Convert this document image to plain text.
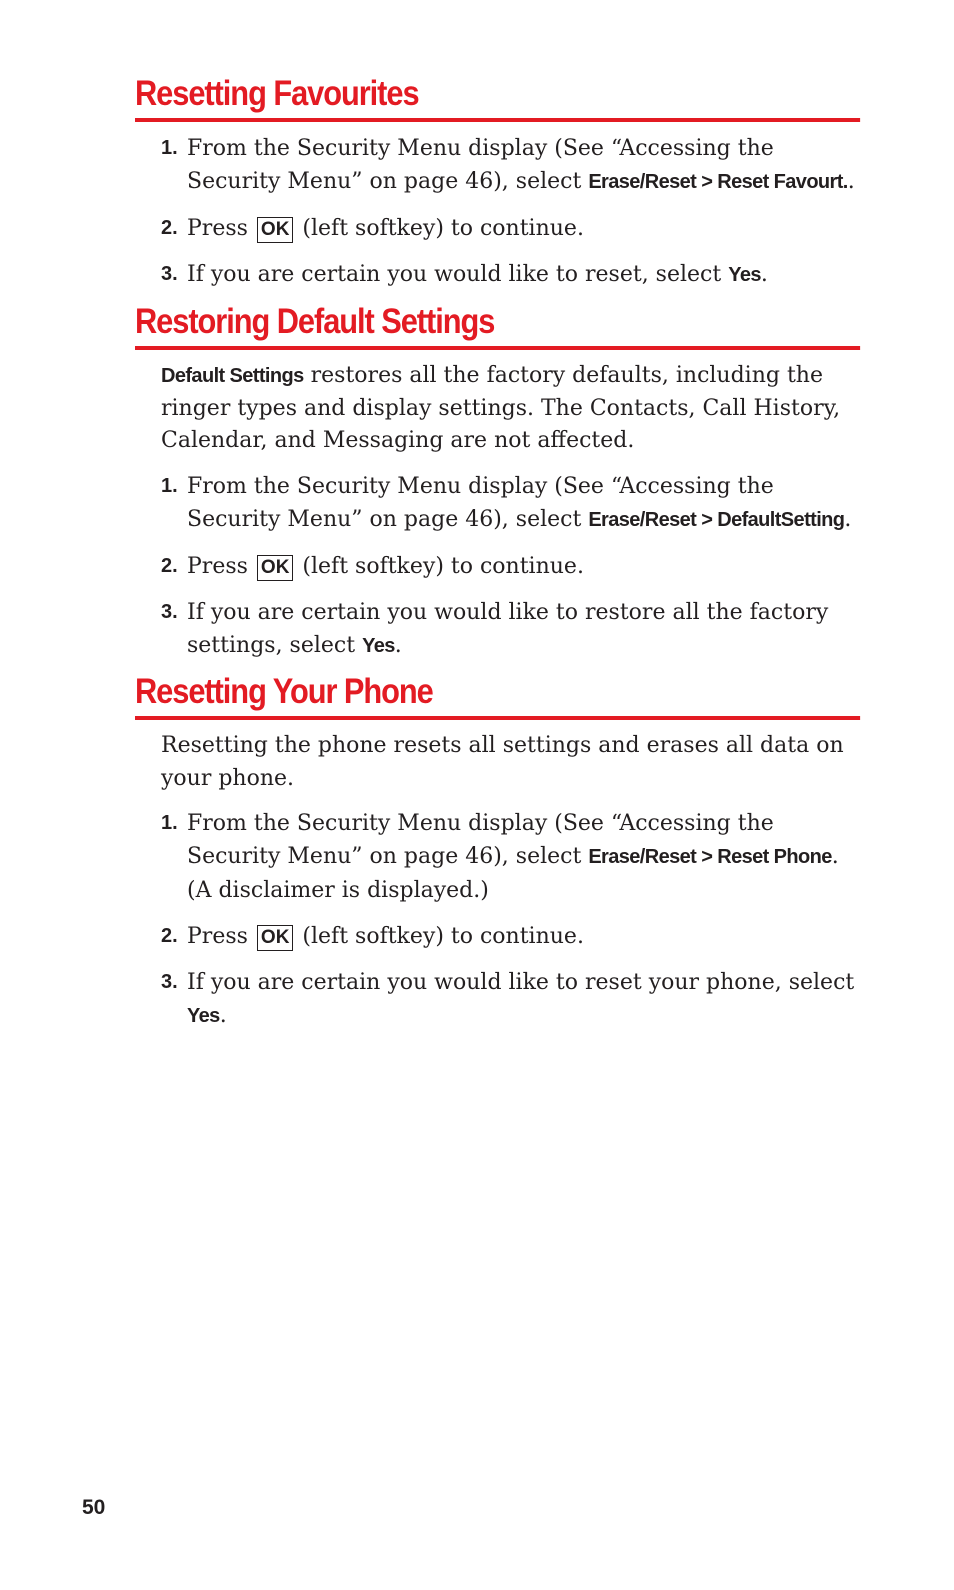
Resetting Favourites
1. From the Security Menu display (See “Accessing the Security Menu” on page 46), select Erase/Reset > Reset Favourt..
2. Press OK (left softkey) to continue.
3. If you are certain you would like to reset, select Yes.
Restoring Default Settings

Default Settings restores all the factory defaults, including the ringer types and display settings. The Contacts, Call History, Calendar, and Messaging are not affected.

1. From the Security Menu display (See “Accessing the Security Menu” on page 46), select Erase/Reset > DefaultSetting.
2. Press OK (left softkey) to continue.
3. If you are certain you would like to restore all the factory settings, select Yes.
Resetting Your Phone

Resetting the phone resets all settings and erases all data on your phone.

1. From the Security Menu display (See “Accessing the Security Menu” on page 46), select Erase/Reset > Reset Phone.
(A disclaimer is displayed.)
2. Press OK (left softkey) to continue.
3. If you are certain you would like to reset your phone, select Yes.
50
